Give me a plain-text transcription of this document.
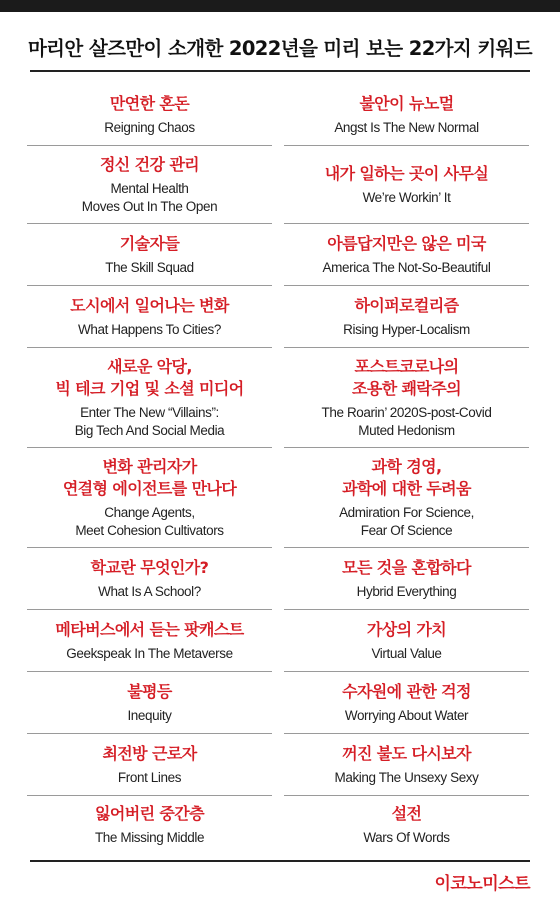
마리안 살즈만이 소개한 2022년을 미리 보는 22가지 키워드
만연한 혼돈
Reigning Chaos
불안이 뉴노멀
Angst Is The New Normal
정신 건강 관리
Mental Health
Moves Out In The Open
내가 일하는 곳이 사무실
We’re Workin’ It
기술자들
The Skill Squad
아름답지만은 않은 미국
America The Not-So-Beautiful
도시에서 일어나는 변화
What Happens To Cities?
하이퍼로컬리즘
Rising Hyper-Localism
새로운 악당,
빅 테크 기업 및 소셜 미디어
Enter The New “Villains”:
Big Tech And Social Media
포스트코로나의
조용한 쾌락주의
The Roarin’ 2020S-post-Covid
Muted Hedonism
변화 관리자가
연결형 에이전트를 만나다
Change Agents,
Meet Cohesion Cultivators
과학 경영,
과학에 대한 두려움
Admiration For Science,
Fear Of Science
학교란 무엇인가?
What Is A School?
모든 것을 혼합하다
Hybrid Everything
메타버스에서 듣는 팟캐스트
Geekspeak In The Metaverse
가상의 가치
Virtual Value
불평등
Inequity
수자원에 관한 걱정
Worrying About Water
최전방 근로자
Front Lines
꺼진 불도 다시보자
Making The Unsexy Sexy
잃어버린 중간층
The Missing Middle
설전
Wars Of Words
이코노미스트
